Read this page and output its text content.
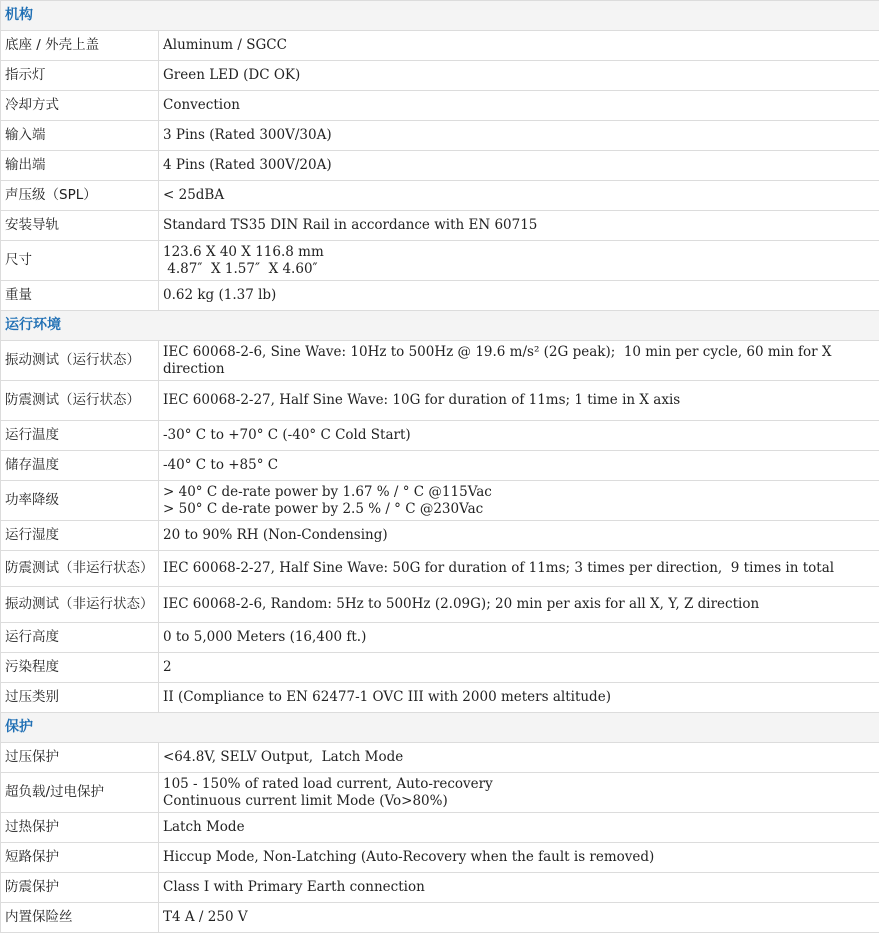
机构	
底座 / 外壳上盖	Aluminum / SGCC
指示灯	Green LED (DC OK)
冷却方式	Convection
输入端	3 Pins (Rated 300V/30A)
输出端	4 Pins (Rated 300V/20A)
声压级（SPL）	< 25dBA
安装导轨	Standard TS35 DIN Rail in accordance with EN 60715
尺寸	123.6 X 40 X 116.8 mm
4.87″  X 1.57″  X 4.60″
重量	0.62 kg (1.37 lb)
运行环境	
振动测试（运行状态）	IEC 60068-2-6, Sine Wave: 10Hz to 500Hz @ 19.6 m/s² (2G peak);  10 min per cycle, 60 min for X direction
防震测试（运行状态）	IEC 60068-2-27, Half Sine Wave: 10G for duration of 11ms; 1 time in X axis
运行温度	-30° C to +70° C (-40° C Cold Start)
储存温度	-40° C to +85° C
功率降级	> 40° C de-rate power by 1.67 % / ° C @115Vac
> 50° C de-rate power by 2.5 % / ° C @230Vac
运行湿度	20 to 90% RH (Non-Condensing)
防震测试（非运行状态）	IEC 60068-2-27, Half Sine Wave: 50G for duration of 11ms; 3 times per direction,  9 times in total
振动测试（非运行状态）	IEC 60068-2-6, Random: 5Hz to 500Hz (2.09G); 20 min per axis for all X, Y, Z direction
运行高度	0 to 5,000 Meters (16,400 ft.)
污染程度	2
过压类别	II (Compliance to EN 62477-1 OVC III with 2000 meters altitude)
保护	
过压保护	<64.8V, SELV Output,  Latch Mode
超负载/过电保护	105 - 150% of rated load current, Auto-recovery
Continuous current limit Mode (Vo>80%)
过热保护	Latch Mode
短路保护	Hiccup Mode, Non-Latching (Auto-Recovery when the fault is removed)
防震保护	Class I with Primary Earth connection
内置保险丝	T4 A / 250 V
